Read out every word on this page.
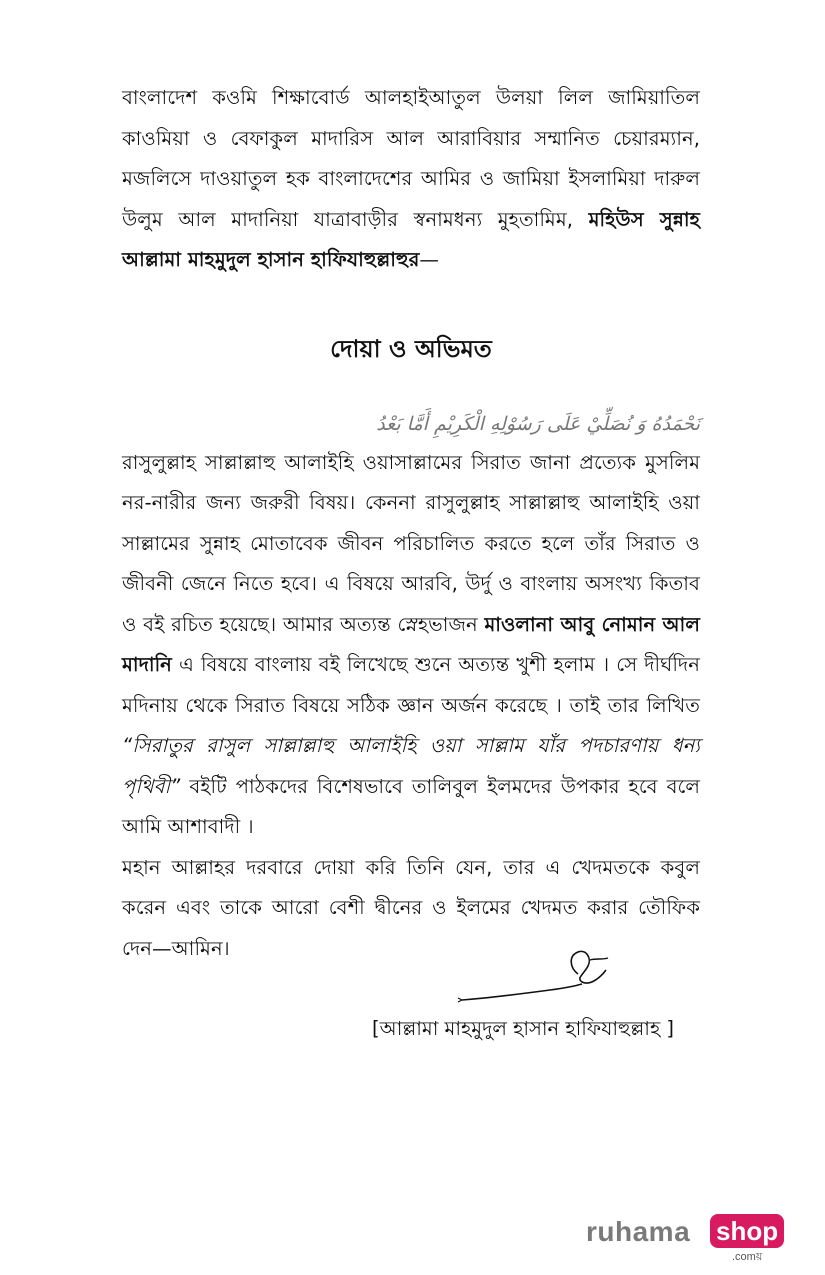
বাংলাদেশ কওমি শিক্ষাবোর্ড আলহাইআতুল উলয়া লিল জামিয়াতিল কাওমিয়া ও বেফাকুল মাদারিস আল আরাবিয়ার সম্মানিত চেয়ারম্যান, মজলিসে দাওয়াতুল হক বাংলাদেশের আমির ও জামিয়া ইসলামিয়া দারুল উলুম আল মাদানিয়া যাত্রাবাড়ীর স্বনামধন্য মুহতামিম, মহিউস সুন্নাহ আল্লামা মাহমুদুল হাসান হাফিযাহুল্লাহুর—

দোয়া ও অভিমত
نَحْمَدُهُ وَ نُصَلِّيْ عَلَى رَسُوْلِهِ الْكَرِيْمِ أَمَّا بَعْدُ

রাসুলুল্লাহ সাল্লাল্লাহু আলাইহি ওয়াসাল্লামের সিরাত জানা প্রত্যেক মুসলিম নর-নারীর জন্য জরুরী বিষয়। কেননা রাসুলুল্লাহ সাল্লাল্লাহু আলাইহি ওয়া সাল্লামের সুন্নাহ মোতাবেক জীবন পরিচালিত করতে হলে তাঁর সিরাত ও জীবনী জেনে নিতে হবে। এ বিষয়ে আরবি, উর্দু ও বাংলায় অসংখ্য কিতাব ও বই রচিত হয়েছে। আমার অত্যন্ত স্নেহভাজন মাওলানা আবু নোমান আল মাদানি এ বিষয়ে বাংলায় বই লিখেছে শুনে অত্যন্ত খুশী হলাম । সে দীর্ঘদিন মদিনায় থেকে সিরাত বিষয়ে সঠিক জ্ঞান অর্জন করেছে । তাই তার লিখিত “সিরাতুর রাসুল সাল্লাল্লাহু আলাইহি ওয়া সাল্লাম যাঁর পদচারণায় ধন্য পৃথিবী” বইটি পাঠকদের বিশেষভাবে তালিবুল ইলমদের উপকার হবে বলে আমি আশাবাদী ।

মহান আল্লাহর দরবারে দোয়া করি তিনি যেন, তার এ খেদমতকে কবুল করেন এবং তাকে আরো বেশী দ্বীনের ও ইলমের খেদমত করার তৌফিক দেন—আমিন।

[আল্লামা মাহমুদুল হাসান হাফিযাহুল্লাহ ]
ruhama shop
.comয়
